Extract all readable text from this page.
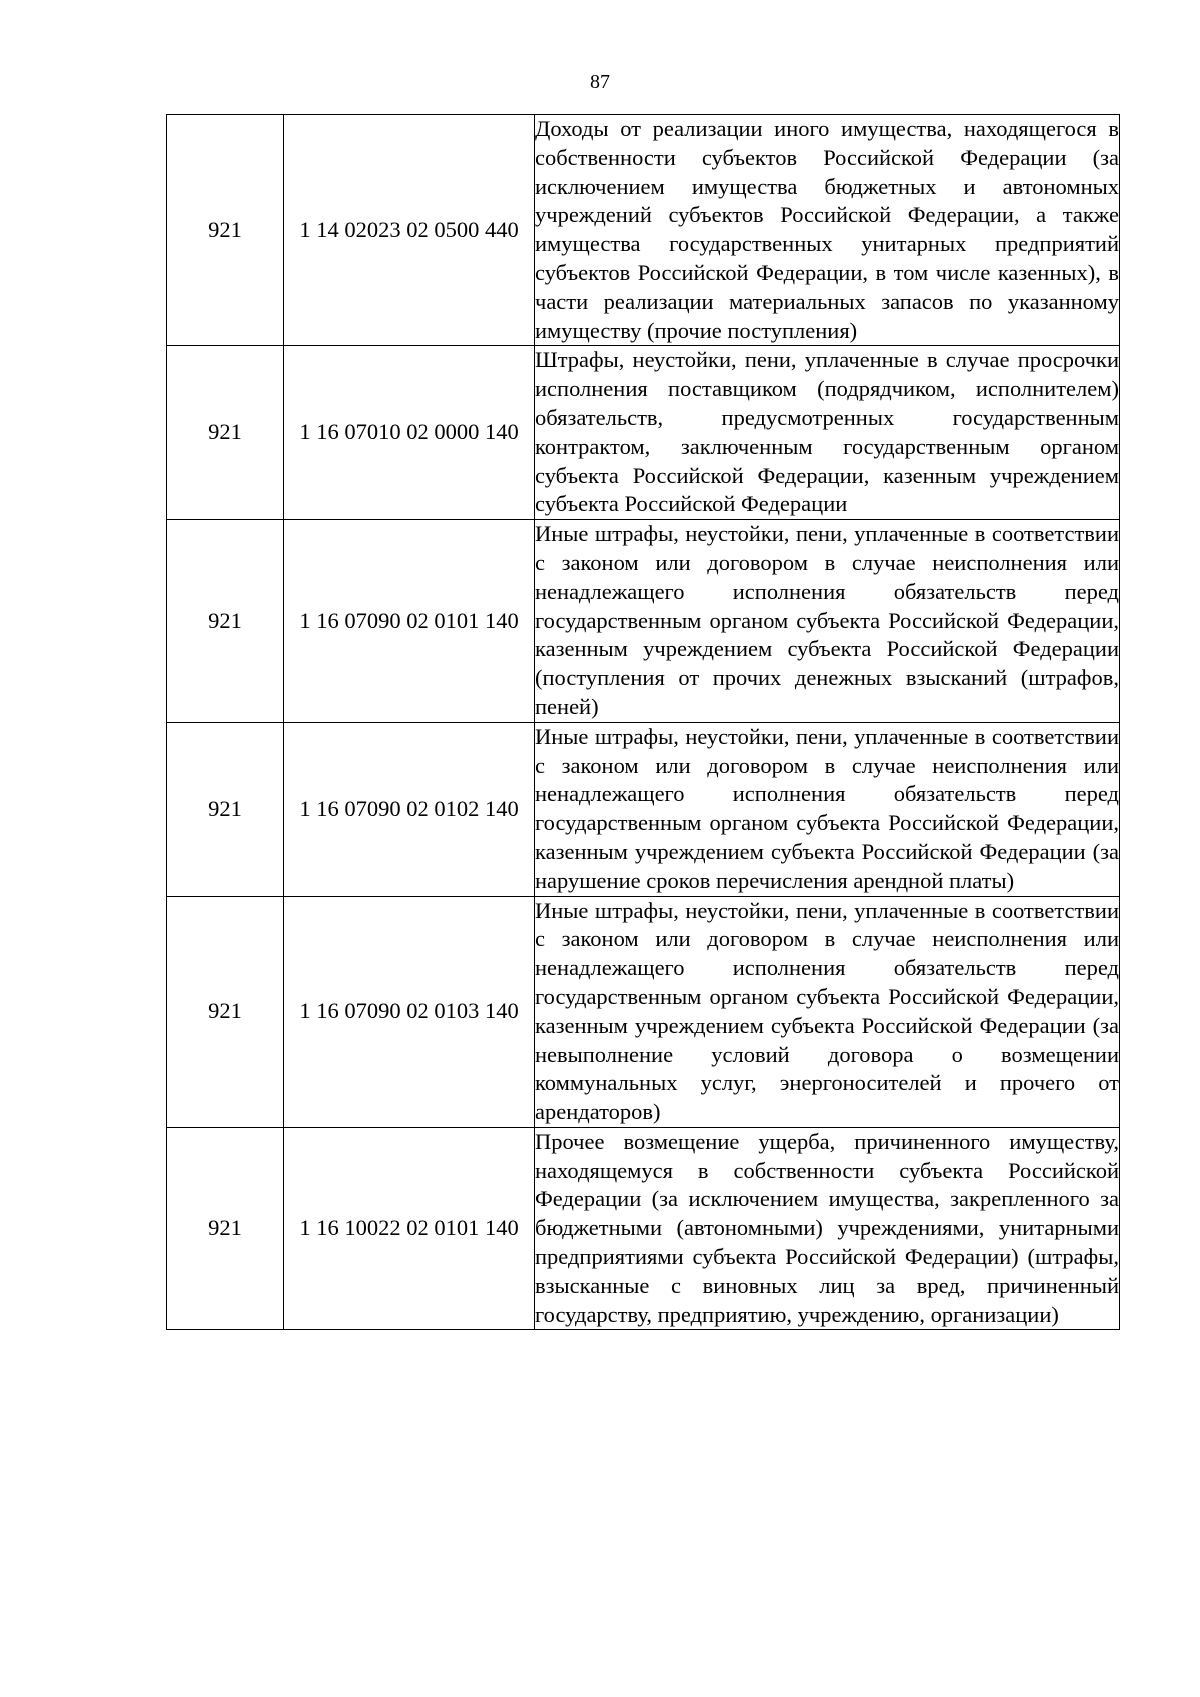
87
921	1 14 02023 02 0500 440	Доходы от реализации иного имущества, находящегося в собственности субъектов Российской Федерации (за исключением имущества бюджетных и автономных учреждений субъектов Российской Федерации, а также имущества государственных унитарных предприятий субъектов Российской Федерации, в том числе казенных), в части реализации материальных запасов по указанному имуществу (прочие поступления)
921	1 16 07010 02 0000 140	Штрафы, неустойки, пени, уплаченные в случае просрочки исполнения поставщиком (подрядчиком, исполнителем) обязательств, предусмотренных государственным контрактом, заключенным государственным органом субъекта Российской Федерации, казенным учреждением субъекта Российской Федерации
921	1 16 07090 02 0101 140	Иные штрафы, неустойки, пени, уплаченные в соответствии с законом или договором в случае неисполнения или ненадлежащего исполнения обязательств перед государственным органом субъекта Российской Федерации, казенным учреждением субъекта Российской Федерации (поступления от прочих денежных взысканий (штрафов, пеней)
921	1 16 07090 02 0102 140	Иные штрафы, неустойки, пени, уплаченные в соответствии с законом или договором в случае неисполнения или ненадлежащего исполнения обязательств перед государственным органом субъекта Российской Федерации, казенным учреждением субъекта Российской Федерации (за нарушение сроков перечисления арендной платы)
921	1 16 07090 02 0103 140	Иные штрафы, неустойки, пени, уплаченные в соответствии с законом или договором в случае неисполнения или ненадлежащего исполнения обязательств перед государственным органом субъекта Российской Федерации, казенным учреждением субъекта Российской Федерации (за невыполнение условий договора о возмещении коммунальных услуг, энергоносителей и прочего от арендаторов)
921	1 16 10022 02 0101 140	Прочее возмещение ущерба, причиненного имуществу, находящемуся в собственности субъекта Российской Федерации (за исключением имущества, закрепленного за бюджетными (автономными) учреждениями, унитарными предприятиями субъекта Российской Федерации) (штрафы, взысканные с виновных лиц за вред, причиненный государству, предприятию, учреждению, организации)
